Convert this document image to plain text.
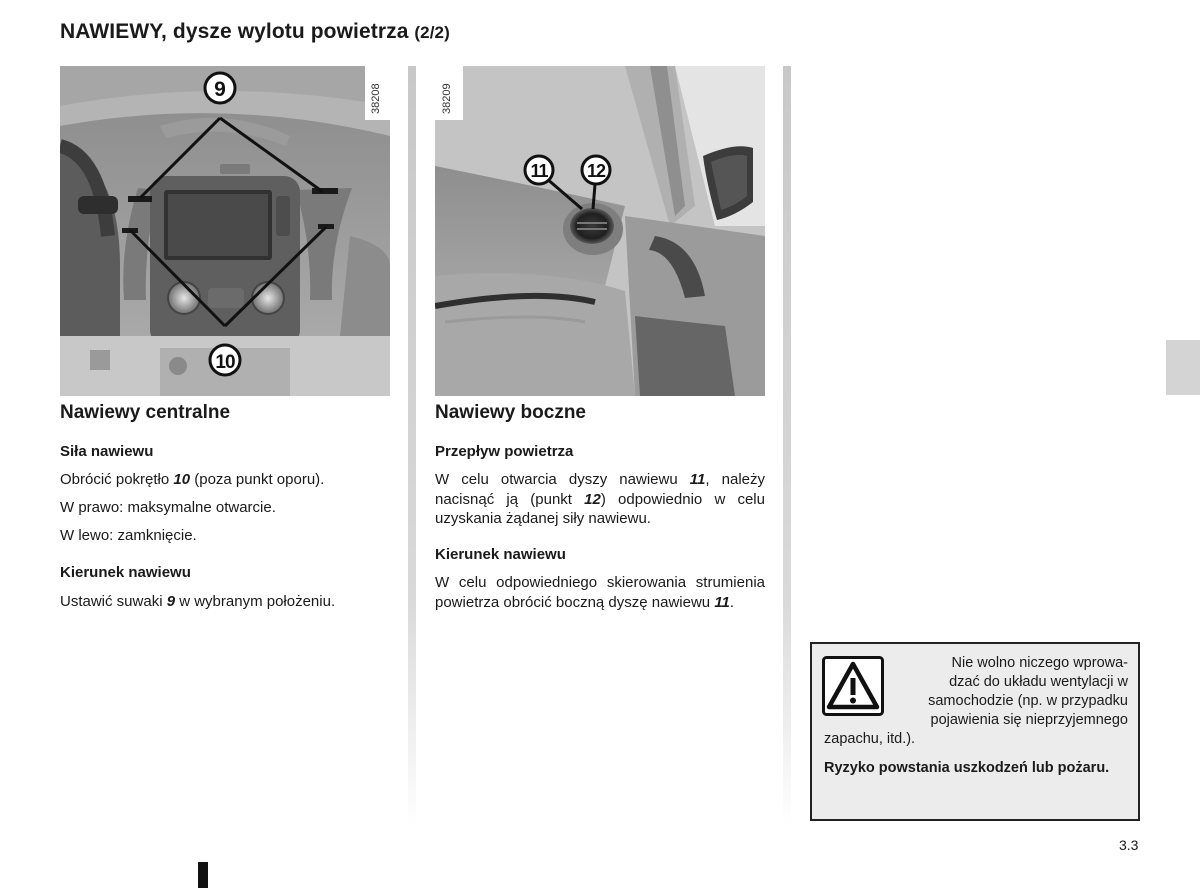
NAWIEWY, dysze wylotu powietrza (2/2)
9
10
38208
11 12
38209
Nawiewy centralne
Siła nawiewu
Obrócić pokrętło 10 (poza punkt oporu).
W prawo: maksymalne otwarcie.
W lewo: zamknięcie.
Kierunek nawiewu
Ustawić suwaki 9 w wybranym położeniu.
Nawiewy boczne
Przepływ powietrza
W celu otwarcia dyszy nawiewu 11, należy nacisnąć ją (punkt 12) odpowiednio w celu uzyskania żądanej siły nawiewu.
Kierunek nawiewu
W celu odpowiedniego skierowania strumienia powietrza obrócić boczną dyszę nawiewu 11.
Nie wolno niczego wprowa-
dzać do układu wentylacji w
samochodzie (np. w przypadku
pojawienia się nieprzyjemnego
zapachu, itd.).
Ryzyko powstania uszkodzeń lub pożaru.
3.3
